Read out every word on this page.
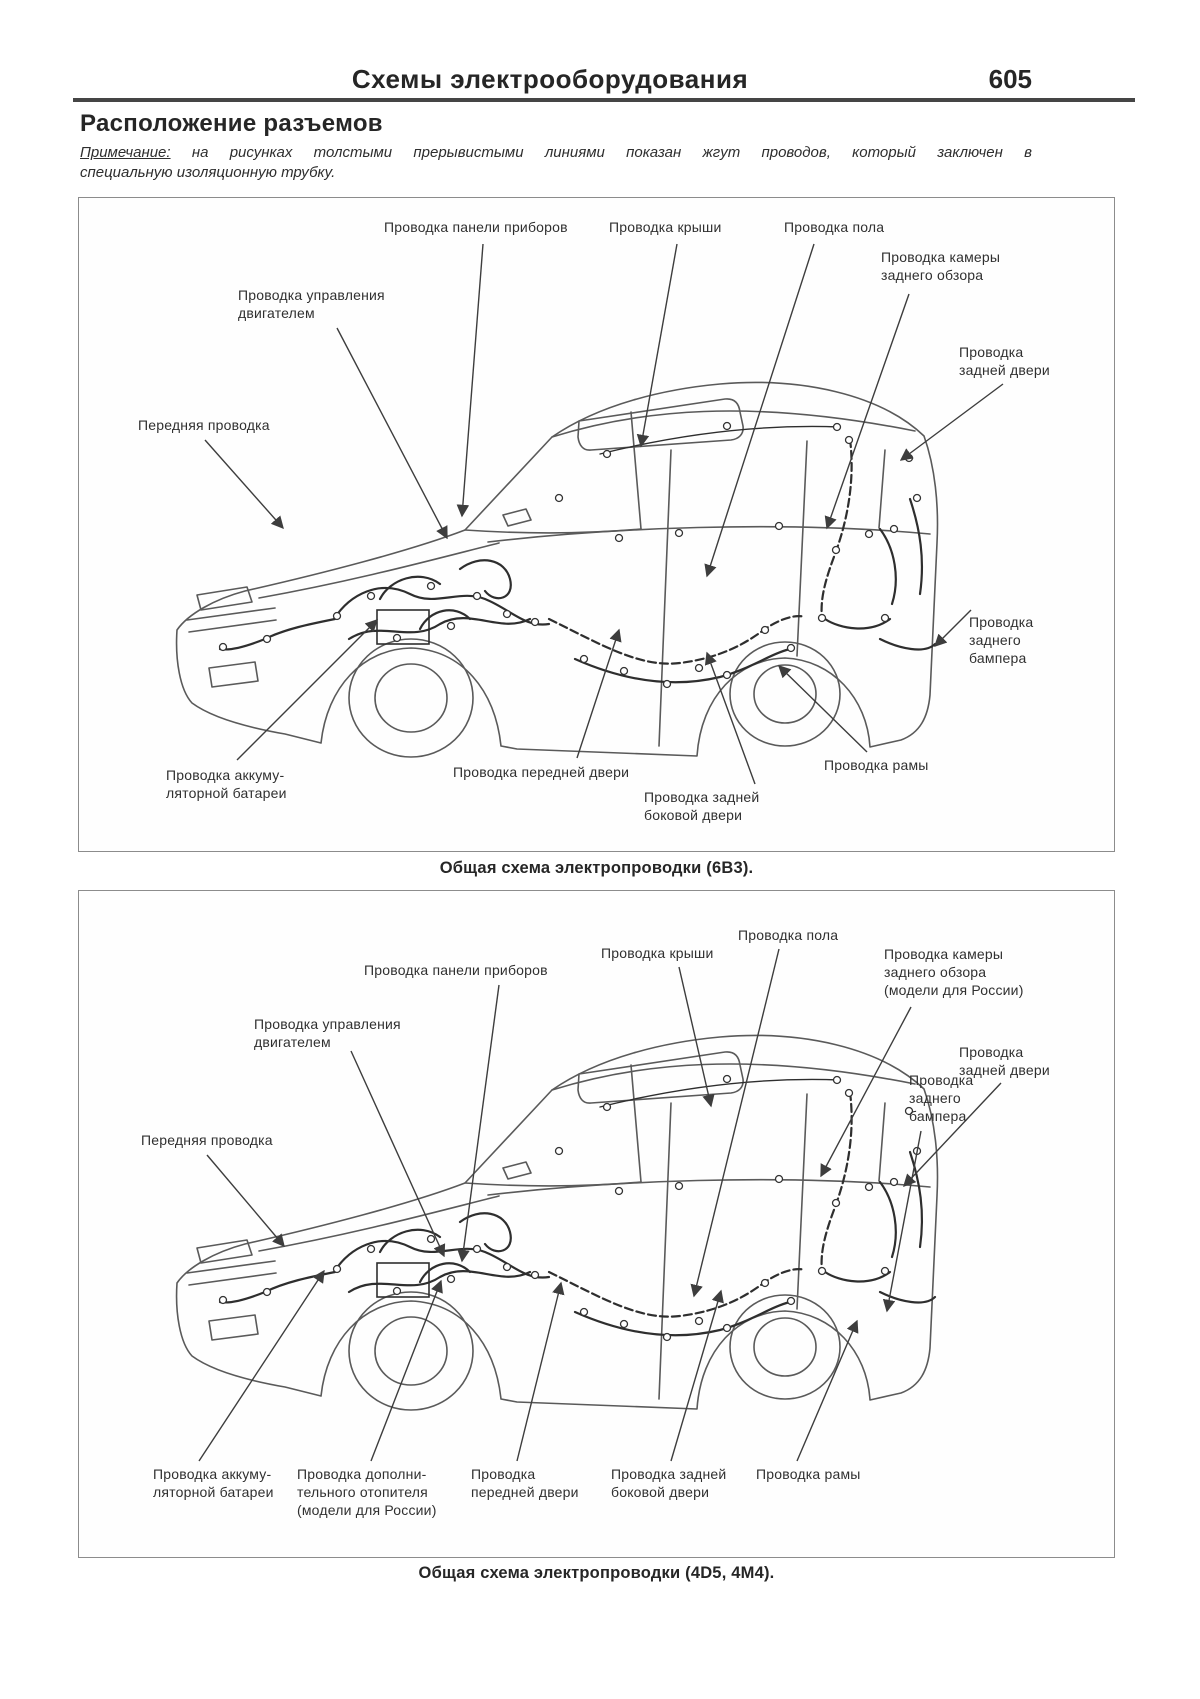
Схемы электрооборудования	605
Расположение разъемов
Примечание: на рисунках толстыми прерывистыми линиями показан жгут проводов, который заключен в
специальную изоляционную трубку.
Проводка панели приборов	Проводка крыши	Проводка пола
Проводка камеры
заднего обзора
Проводка
задней двери
Проводка управления
двигателем
Передняя проводка
Проводка
заднего
бампера
Проводка аккуму-
ляторной батареи
Проводка передней двери
Проводка задней
боковой двери
Проводка рамы
Общая схема электропроводки (6B3).
Проводка пола
Проводка крыши
Проводка панели приборов
Проводка камеры
заднего обзора
(модели для России)
Проводка управления
двигателем
Проводка
задней двери
Передняя проводка
Проводка
заднего
бампера
Проводка аккуму-
ляторной батареи
Проводка дополни-
тельного отопителя
(модели для России)
Проводка
передней двери
Проводка задней
боковой двери
Проводка рамы
Общая схема электропроводки (4D5, 4M4).
